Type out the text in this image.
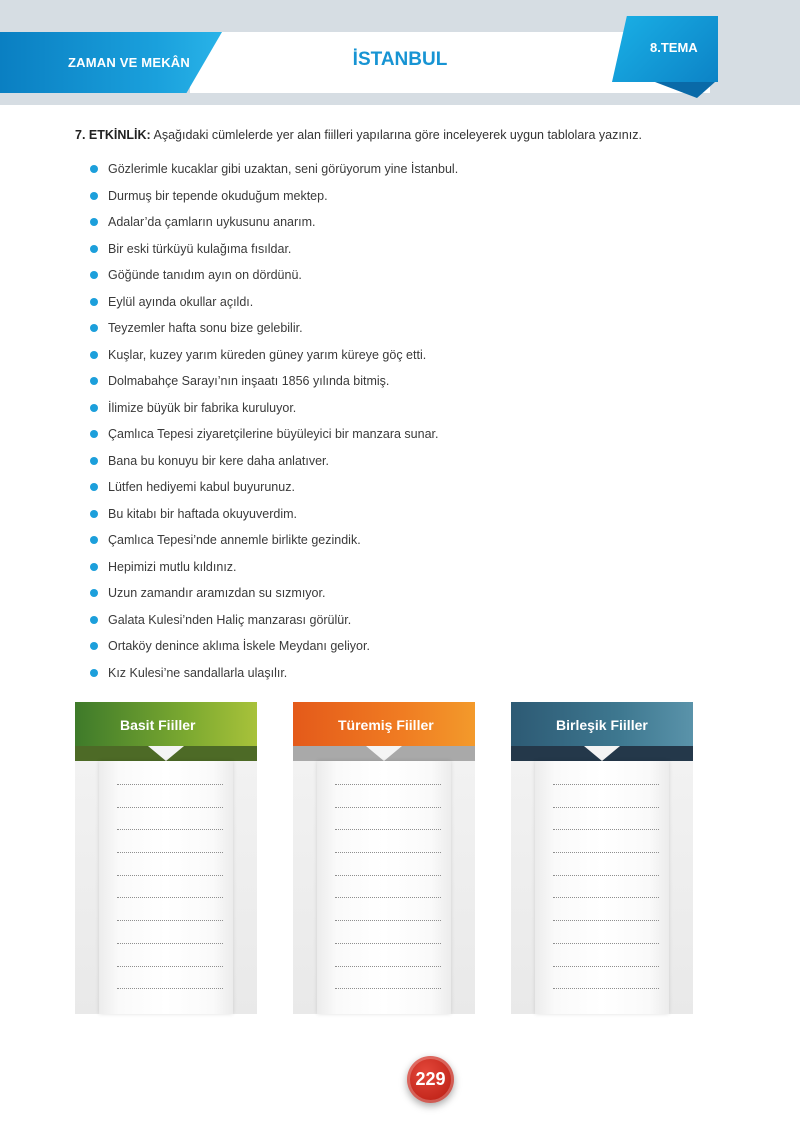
ZAMAN VE MEKÂN	İSTANBUL
8.TEMA
7. ETKİNLİK: Aşağıdaki cümlelerde yer alan fiilleri yapılarına göre inceleyerek uygun tablolara yazınız.
Gözlerimle kucaklar gibi uzaktan, seni görüyorum yine İstanbul.
Durmuş bir tepende okuduğum mektep.
Adalar’da çamların uykusunu anarım.
Bir eski türküyü kulağıma fısıldar.
Göğünde tanıdım ayın on dördünü.
Eylül ayında okullar açıldı.
Teyzemler hafta sonu bize gelebilir.
Kuşlar, kuzey yarım küreden güney yarım küreye göç etti.
Dolmabahçe Sarayı’nın inşaatı 1856 yılında bitmiş.
İlimize büyük bir fabrika kuruluyor.
Çamlıca Tepesi ziyaretçilerine büyüleyici bir manzara sunar.
Bana bu konuyu bir kere daha anlatıver.
Lütfen hediyemi kabul buyurunuz.
Bu kitabı bir haftada okuyuverdim.
Çamlıca Tepesi’nde annemle birlikte gezindik.
Hepimizi mutlu kıldınız.
Uzun zamandır aramızdan su sızmıyor.
Galata Kulesi’nden Haliç manzarası görülür.
Ortaköy denince aklıma İskele Meydanı geliyor.
Kız Kulesi’ne sandallarla ulaşılır.
Basit Fiiller	Türemiş Fiiller	Birleşik Fiiller
229
